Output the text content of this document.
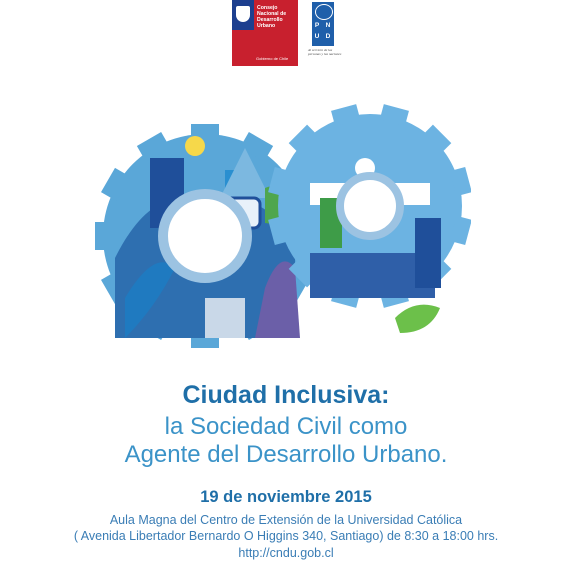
Consejo Nacional de Desarrollo Urbano
Gobierno de Chile
P N
U D
Al servicio de las personas y las naciones
Ciudad Inclusiva:
la Sociedad Civil como
Agente del Desarrollo Urbano.
19 de noviembre 2015
Aula Magna del Centro de Extensión de la Universidad Católica
( Avenida Libertador Bernardo O Higgins 340, Santiago) de 8:30 a 18:00 hrs.
http://cndu.gob.cl
